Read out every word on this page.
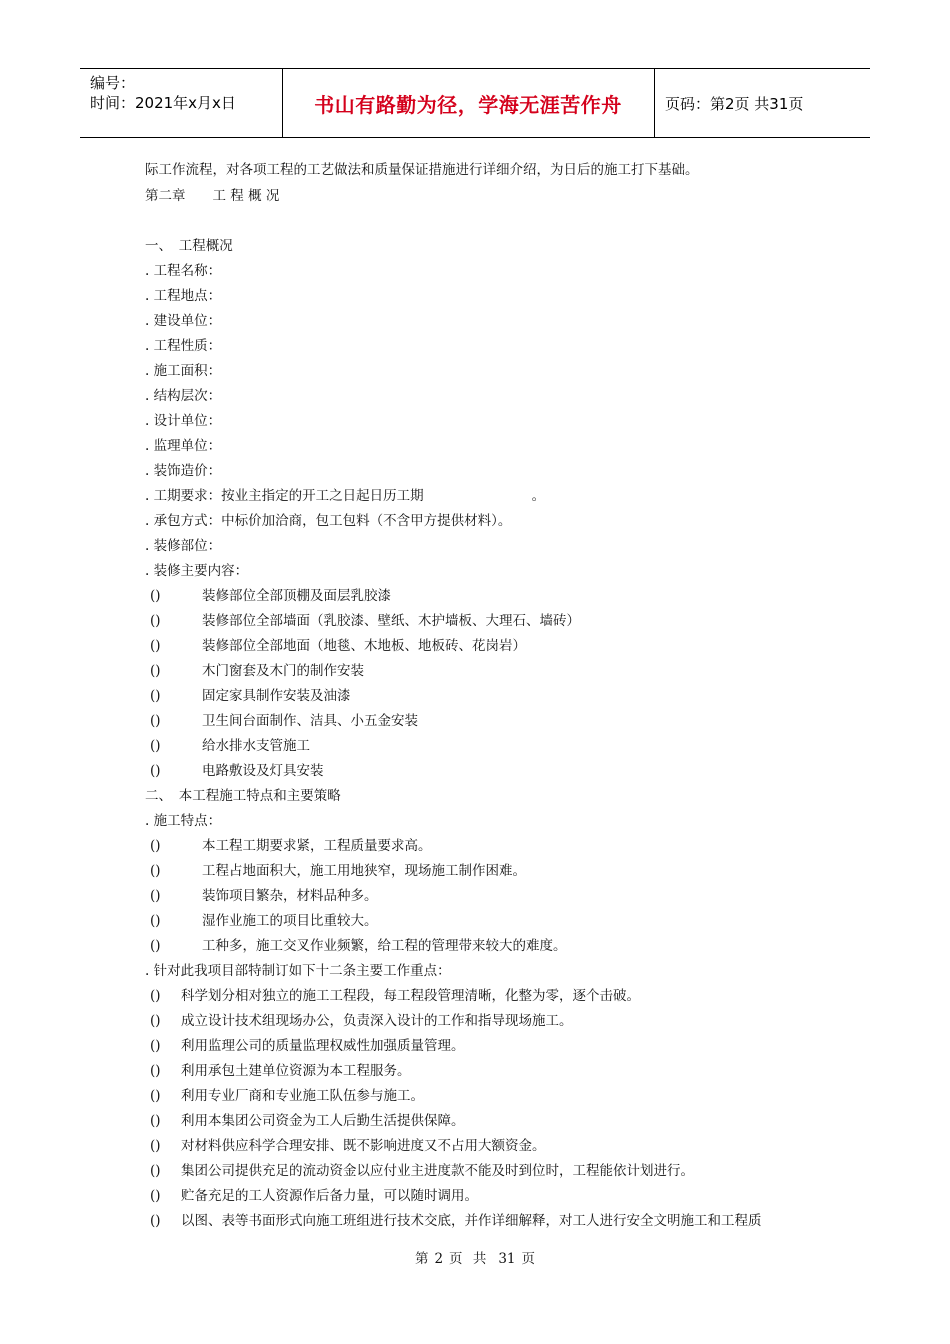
编号：
时间：2021年x月x日	书山有路勤为径，学海无涯苦作舟	页码：第2页 共31页
际工作流程，对各项工程的工艺做法和质量保证措施进行详细介绍，为日后的施工打下基础。
第二章　　工 程 概 况
一、　工程概况
. 工程名称：
. 工程地点：
. 建设单位：
. 工程性质：
. 施工面积：
. 结构层次：
. 设计单位：
. 监理单位：
. 装饰造价：
. 工期要求：按业主指定的开工之日起日历工期　　　　　　　　。
. 承包方式：中标价加洽商，包工包料（不含甲方提供材料）。
. 装修部位：
. 装修主要内容：
()	装修部位全部顶棚及面层乳胶漆
()	装修部位全部墙面（乳胶漆、壁纸、木护墙板、大理石、墙砖）
()	装修部位全部地面（地毯、木地板、地板砖、花岗岩）
()	木门窗套及木门的制作安装
()	固定家具制作安装及油漆
()	卫生间台面制作、洁具、小五金安装
()	给水排水支管施工
()	电路敷设及灯具安装
二、　本工程施工特点和主要策略
. 施工特点：
()	本工程工期要求紧，工程质量要求高。
()	工程占地面积大，施工用地狭窄，现场施工制作困难。
()	装饰项目繁杂，材料品种多。
()	湿作业施工的项目比重较大。
()	工种多，施工交叉作业频繁，给工程的管理带来较大的难度。
. 针对此我项目部特制订如下十二条主要工作重点：
() 科学划分相对独立的施工工程段，每工程段管理清晰，化整为零，逐个击破。
() 成立设计技术组现场办公，负责深入设计的工作和指导现场施工。
() 利用监理公司的质量监理权威性加强质量管理。
() 利用承包土建单位资源为本工程服务。
() 利用专业厂商和专业施工队伍参与施工。
() 利用本集团公司资金为工人后勤生活提供保障。
() 对材料供应科学合理安排、既不影响进度又不占用大额资金。
() 集团公司提供充足的流动资金以应付业主进度款不能及时到位时，工程能依计划进行。
() 贮备充足的工人资源作后备力量，可以随时调用。
() 以图、表等书面形式向施工班组进行技术交底，并作详细解释，对工人进行安全文明施工和工程质
第 2 页 共 31 页
